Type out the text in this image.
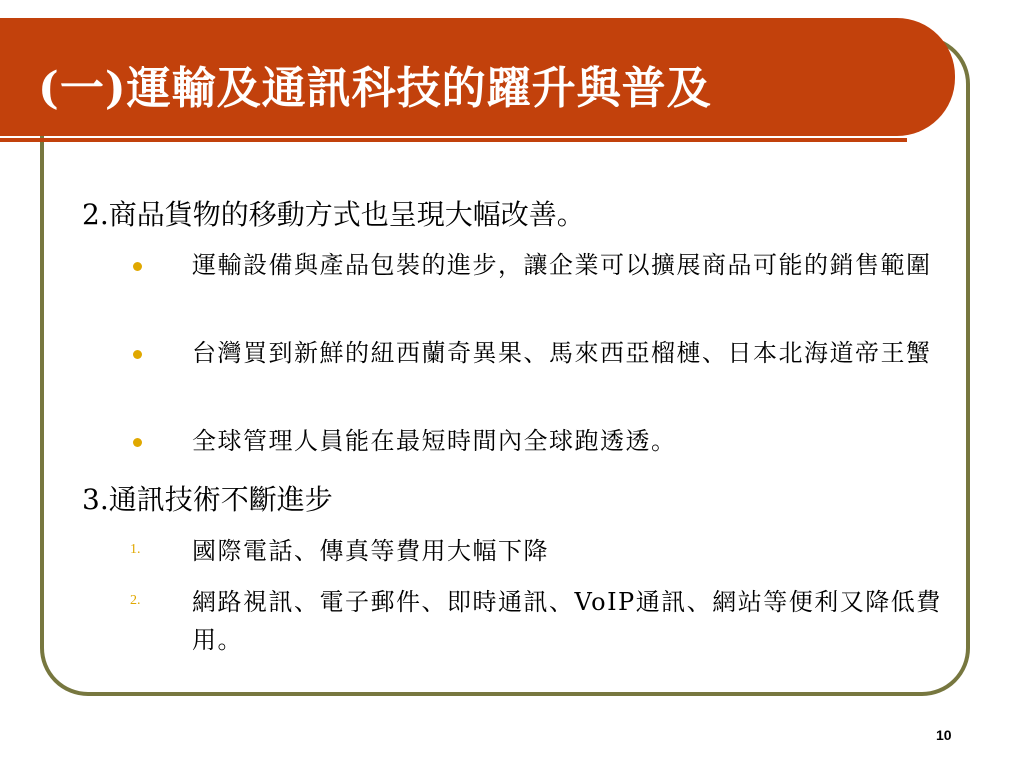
(一)運輸及通訊科技的躍升與普及

2.商品貨物的移動方式也呈現大幅改善。

運輸設備與產品包裝的進步，讓企業可以擴展商品可能的銷售範圍

台灣買到新鮮的紐西蘭奇異果、馬來西亞榴槤、日本北海道帝王蟹

全球管理人員能在最短時間內全球跑透透。

3.通訊技術不斷進步

1. 國際電話、傳真等費用大幅下降

2. 網路視訊、電子郵件、即時通訊、VoIP通訊、網站等便利又降低費用。

10
